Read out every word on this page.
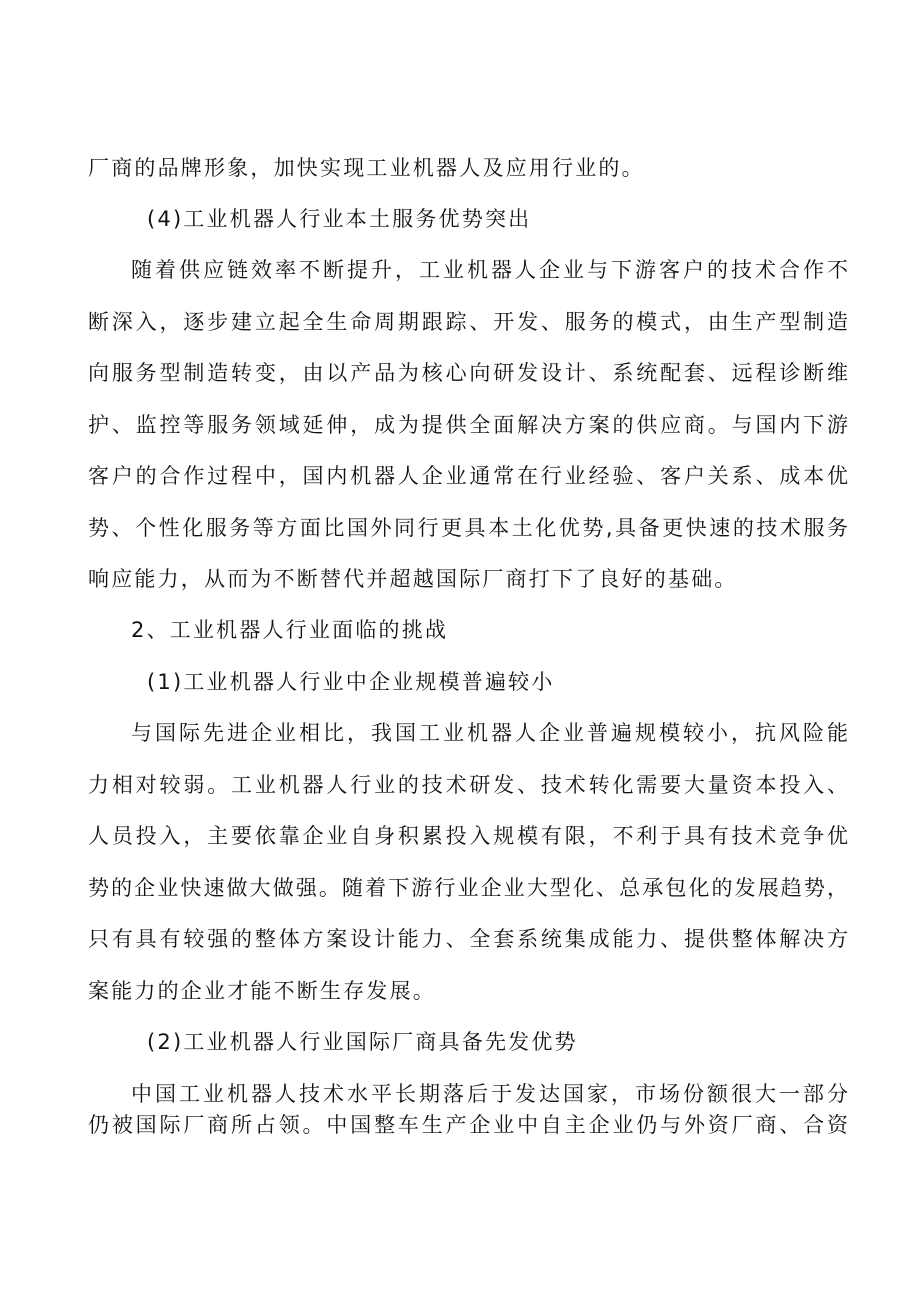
厂商的品牌形象，加快实现工业机器人及应用行业的。
(4)工业机器人行业本土服务优势突出
随着供应链效率不断提升，工业机器人企业与下游客户的技术合作不
断深入，逐步建立起全生命周期跟踪、开发、服务的模式，由生产型制造
向服务型制造转变，由以产品为核心向研发设计、系统配套、远程诊断维
护、监控等服务领域延伸，成为提供全面解决方案的供应商。与国内下游
客户的合作过程中，国内机器人企业通常在行业经验、客户关系、成本优
势、个性化服务等方面比国外同行更具本土化优势,具备更快速的技术服务
响应能力，从而为不断替代并超越国际厂商打下了良好的基础。
2、工业机器人行业面临的挑战
(1)工业机器人行业中企业规模普遍较小
与国际先进企业相比，我国工业机器人企业普遍规模较小，抗风险能
力相对较弱。工业机器人行业的技术研发、技术转化需要大量资本投入、
人员投入，主要依靠企业自身积累投入规模有限，不利于具有技术竞争优
势的企业快速做大做强。随着下游行业企业大型化、总承包化的发展趋势，
只有具有较强的整体方案设计能力、全套系统集成能力、提供整体解决方
案能力的企业才能不断生存发展。
(2)工业机器人行业国际厂商具备先发优势
中国工业机器人技术水平长期落后于发达国家，市场份额很大一部分
仍被国际厂商所占领。中国整车生产企业中自主企业仍与外资厂商、合资
